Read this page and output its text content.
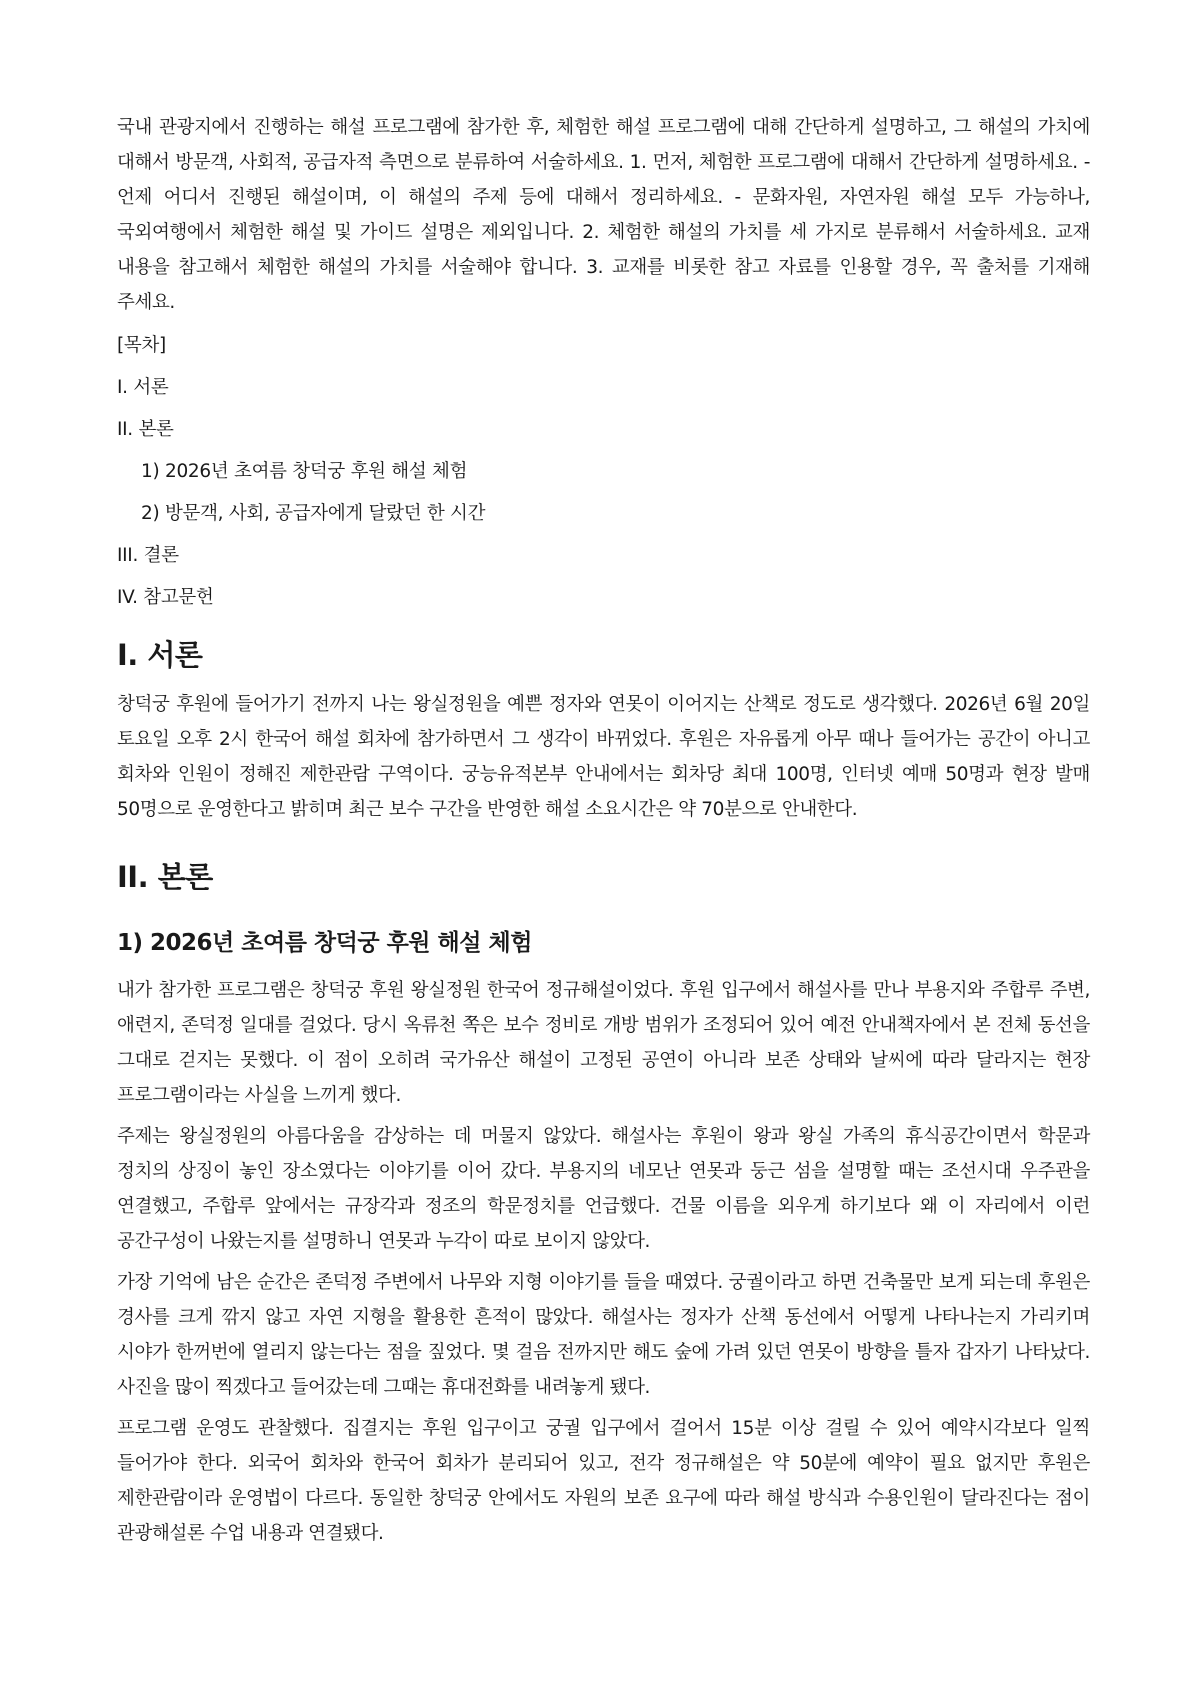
국내 관광지에서 진행하는 해설 프로그램에 참가한 후, 체험한 해설 프로그램에 대해 간단하게 설명하고, 그 해설의 가치에 대해서 방문객, 사회적, 공급자적 측면으로 분류하여 서술하세요. 1. 먼저, 체험한 프로그램에 대해서 간단하게 설명하세요. - 언제 어디서 진행된 해설이며, 이 해설의 주제 등에 대해서 정리하세요. - 문화자원, 자연자원 해설 모두 가능하나, 국외여행에서 체험한 해설 및 가이드 설명은 제외입니다. 2. 체험한 해설의 가치를 세 가지로 분류해서 서술하세요. 교재 내용을 참고해서 체험한 해설의 가치를 서술해야 합니다. 3. 교재를 비롯한 참고 자료를 인용할 경우, 꼭 출처를 기재해 주세요.

[목차]
I. 서론
II. 본론
1) 2026년 초여름 창덕궁 후원 해설 체험
2) 방문객, 사회, 공급자에게 달랐던 한 시간
III. 결론
IV. 참고문헌
I. 서론

창덕궁 후원에 들어가기 전까지 나는 왕실정원을 예쁜 정자와 연못이 이어지는 산책로 정도로 생각했다. 2026년 6월 20일 토요일 오후 2시 한국어 해설 회차에 참가하면서 그 생각이 바뀌었다. 후원은 자유롭게 아무 때나 들어가는 공간이 아니고 회차와 인원이 정해진 제한관람 구역이다. 궁능유적본부 안내에서는 회차당 최대 100명, 인터넷 예매 50명과 현장 발매 50명으로 운영한다고 밝히며 최근 보수 구간을 반영한 해설 소요시간은 약 70분으로 안내한다.

II. 본론
1) 2026년 초여름 창덕궁 후원 해설 체험

내가 참가한 프로그램은 창덕궁 후원 왕실정원 한국어 정규해설이었다. 후원 입구에서 해설사를 만나 부용지와 주합루 주변, 애련지, 존덕정 일대를 걸었다. 당시 옥류천 쪽은 보수 정비로 개방 범위가 조정되어 있어 예전 안내책자에서 본 전체 동선을 그대로 걷지는 못했다. 이 점이 오히려 국가유산 해설이 고정된 공연이 아니라 보존 상태와 날씨에 따라 달라지는 현장 프로그램이라는 사실을 느끼게 했다.

주제는 왕실정원의 아름다움을 감상하는 데 머물지 않았다. 해설사는 후원이 왕과 왕실 가족의 휴식공간이면서 학문과 정치의 상징이 놓인 장소였다는 이야기를 이어 갔다. 부용지의 네모난 연못과 둥근 섬을 설명할 때는 조선시대 우주관을 연결했고, 주합루 앞에서는 규장각과 정조의 학문정치를 언급했다. 건물 이름을 외우게 하기보다 왜 이 자리에서 이런 공간구성이 나왔는지를 설명하니 연못과 누각이 따로 보이지 않았다.

가장 기억에 남은 순간은 존덕정 주변에서 나무와 지형 이야기를 들을 때였다. 궁궐이라고 하면 건축물만 보게 되는데 후원은 경사를 크게 깎지 않고 자연 지형을 활용한 흔적이 많았다. 해설사는 정자가 산책 동선에서 어떻게 나타나는지 가리키며 시야가 한꺼번에 열리지 않는다는 점을 짚었다. 몇 걸음 전까지만 해도 숲에 가려 있던 연못이 방향을 틀자 갑자기 나타났다. 사진을 많이 찍겠다고 들어갔는데 그때는 휴대전화를 내려놓게 됐다.

프로그램 운영도 관찰했다. 집결지는 후원 입구이고 궁궐 입구에서 걸어서 15분 이상 걸릴 수 있어 예약시각보다 일찍 들어가야 한다. 외국어 회차와 한국어 회차가 분리되어 있고, 전각 정규해설은 약 50분에 예약이 필요 없지만 후원은 제한관람이라 운영법이 다르다. 동일한 창덕궁 안에서도 자원의 보존 요구에 따라 해설 방식과 수용인원이 달라진다는 점이 관광해설론 수업 내용과 연결됐다.
